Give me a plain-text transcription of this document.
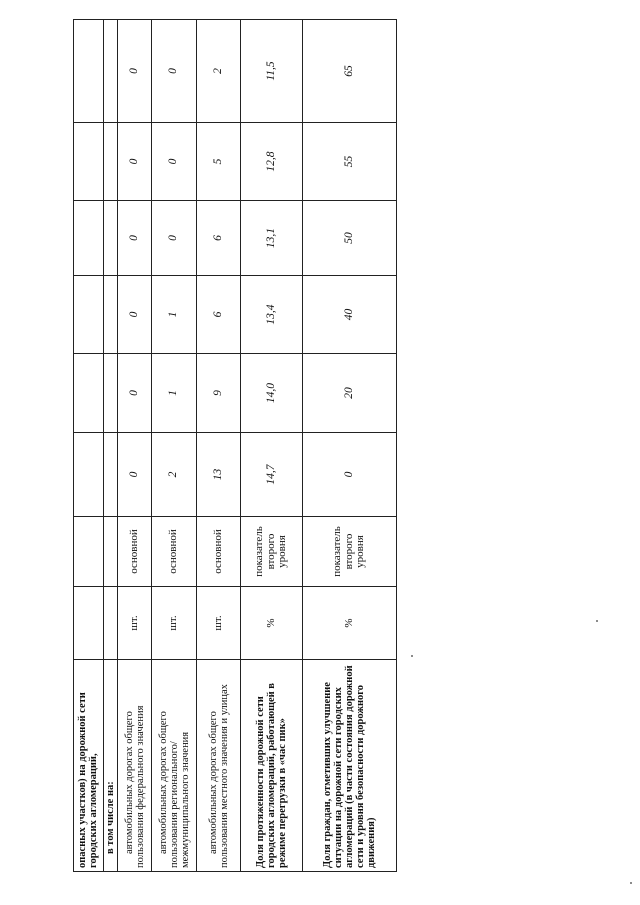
опасных участков) на дорожной сети городских агломераций,								
в том числе на:								
автомобильных дорогах общего пользования федерального значения	шт.	основной	0	0	0	0	0	0
автомобильных дорогах общего пользования регионального/ межмуниципального значения	шт.	основной	2	1	1	0	0	0
автомобильных дорогах общего пользования местного значения и улицах	шт.	основной	13	9	6	6	5	2
Доля протяженности дорожной сети городских агломераций, работающей в режиме перегрузки в «час пик»	%	показатель второго уровня	14,7	14,0	13,4	13,1	12,8	11,5
Доля граждан, отметивших улучшение ситуации на дорожной сети городских агломераций (в части состояния дорожной сети и уровня безопасности дорожного движения)	%	показатель второго уровня	0	20	40	50	55	65
